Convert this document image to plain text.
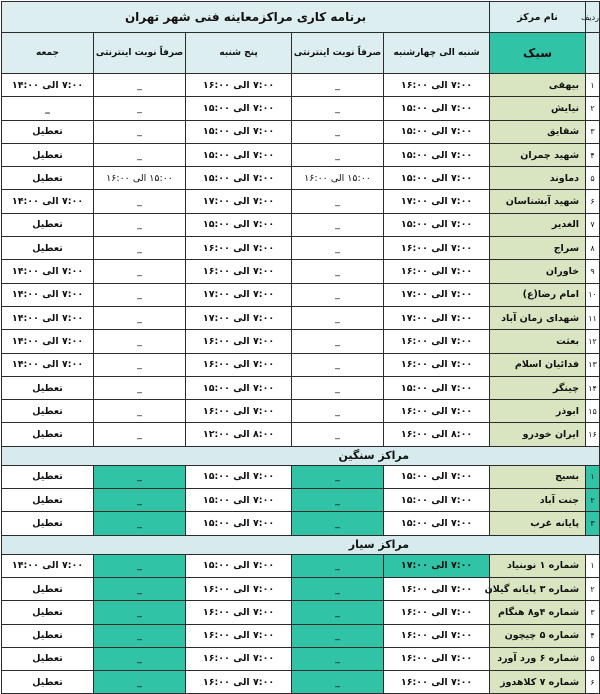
ردیف	نام مرکز	برنامه کاری مراکزمعاینه فنی شهر تهران				
	سبک	شنبه الی چهارشنبه	صرفاً نوبت اینترنتی	پنج شنبه	صرفاً نوبت اینترنتی	جمعه
۱	بیهقی	۷:۰۰ الی ۱۶:۰۰	_	۷:۰۰ الی ۱۶:۰۰	_	۷:۰۰ الی ۱۴:۰۰
۲	نیایش	۷:۰۰ الی ۱۵:۰۰	_	۷:۰۰ الی ۱۵:۰۰	_	_
۳	شقایق	۷:۰۰ الی ۱۵:۰۰	_	۷:۰۰ الی ۱۵:۰۰	_	تعطیل
۴	شهید چمران	۷:۰۰ الی ۱۵:۰۰	_	۷:۰۰ الی ۱۵:۰۰	_	تعطیل
۵	دماوند	۷:۰۰ الی ۱۵:۰۰	۱۵:۰۰ الی ۱۶:۰۰	۷:۰۰ الی ۱۵:۰۰	۱۵:۰۰ الی ۱۶:۰۰	تعطیل
۶	شهید آبشناسان	۷:۰۰ الی ۱۷:۰۰	_	۷:۰۰ الی ۱۷:۰۰	_	۷:۰۰ الی ۱۴:۰۰
۷	الغدیر	۷:۰۰ الی ۱۵:۰۰	_	۷:۰۰ الی ۱۵:۰۰	_	تعطیل
۸	سراج	۷:۰۰ الی ۱۶:۰۰	_	۷:۰۰ الی ۱۶:۰۰	_	تعطیل
۹	خاوران	۷:۰۰ الی ۱۶:۰۰	_	۷:۰۰ الی ۱۶:۰۰	_	۷:۰۰ الی ۱۴:۰۰
۱۰	امام رضا(ع)	۷:۰۰ الی ۱۷:۰۰	_	۷:۰۰ الی ۱۷:۰۰	_	۷:۰۰ الی ۱۴:۰۰
۱۱	شهدای زمان آباد	۷:۰۰ الی ۱۷:۰۰	_	۷:۰۰ الی ۱۷:۰۰	_	۷:۰۰ الی ۱۴:۰۰
۱۲	بعثت	۷:۰۰ الی ۱۶:۰۰	_	۷:۰۰ الی ۱۶:۰۰	_	۷:۰۰ الی ۱۴:۰۰
۱۳	فدائیان اسلام	۷:۰۰ الی ۱۶:۰۰	_	۷:۰۰ الی ۱۶:۰۰	_	۷:۰۰ الی ۱۴:۰۰
۱۴	چینگر	۷:۰۰ الی ۱۵:۰۰	_	۷:۰۰ الی ۱۵:۰۰	_	تعطیل
۱۵	ابوذر	۷:۰۰ الی ۱۶:۰۰	_	۷:۰۰ الی ۱۶:۰۰	_	تعطیل
۱۶	ایران خودرو	۸:۰۰ الی ۱۶:۰۰	_	۸:۰۰ الی ۱۲:۰۰	_	تعطیل
مراکز سنگین						
۱	بسیج	۷:۰۰ الی ۱۵:۰۰	_	۷:۰۰ الی ۱۵:۰۰	_	تعطیل
۲	جنت آباد	۷:۰۰ الی ۱۵:۰۰	_	۷:۰۰ الی ۱۵:۰۰	_	تعطیل
۳	پایانه غرب	۷:۰۰ الی ۱۵:۰۰	_	۷:۰۰ الی ۱۵:۰۰	_	تعطیل
مراکز سیار						
۱	شماره ۱ نوبنیاد	۷:۰۰ الی ۱۷:۰۰	_	۷:۰۰ الی ۱۵:۰۰	_	۷:۰۰ الی ۱۴:۰۰
۲	شماره ۳ پایانه گیلان	۷:۰۰ الی ۱۶:۰۰	_	۷:۰۰ الی ۱۶:۰۰	_	تعطیل
۳	شماره ۴و۸ هنگام	۷:۰۰ الی ۱۶:۰۰	_	۷:۰۰ الی ۱۶:۰۰	_	تعطیل
۴	شماره ۵ چیچون	۷:۰۰ الی ۱۶:۰۰	_	۷:۰۰ الی ۱۶:۰۰	_	تعطیل
۵	شماره ۶ ورد آورد	۷:۰۰ الی ۱۶:۰۰	_	۷:۰۰ الی ۱۶:۰۰	_	تعطیل
۶	شماره ۷ کلاهدوز	۷:۰۰ الی ۱۶:۰۰	_	۷:۰۰ الی ۱۶:۰۰	_	تعطیل
